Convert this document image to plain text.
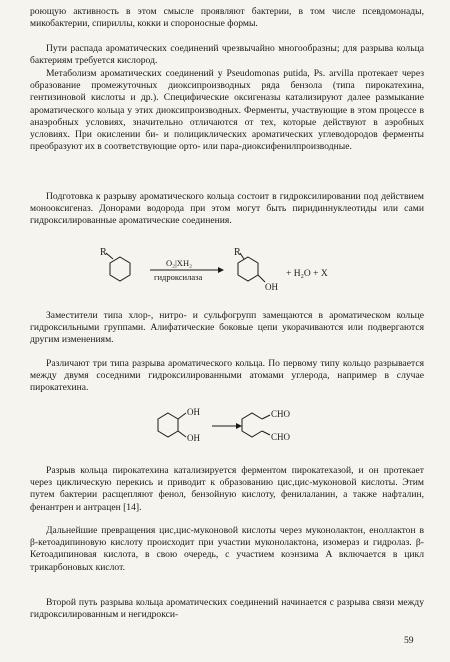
роющую активность в этом смысле проявляют бактерии, в том числе псевдомонады, микобактерии, спириллы, кокки и спороносные формы.

Пути распада ароматических соединений чрезвычайно многообразны; для разрыва кольца бактериям требуется кислород.

Метаболизм ароматических соединений у Pseudomonas putida, Ps. arvilla протекает через образование промежуточных диоксипроизводных ряда бензола (типа пирокатехина, гентизиновой кислоты и др.). Специфические оксигеназы катализируют далее размыкание ароматического кольца у этих диоксипроизводных. Ферменты, участвующие в этом процессе в анаэробных условиях, значительно отличаются от тех, которые действуют в аэробных условиях. При окислении би- и полициклических ароматических углеводородов ферменты преобразуют их в соответствующие орто- или пара-диоксифенилпроизводные.

Подготовка к разрыву ароматического кольца состоит в гидроксилировании под действием монооксигеназ. Донорами водорода при этом могут быть пиридиннуклеотиды или сами гидроксилированные ароматические соединения.

R
O₂|XH₂
гидроксилаза
R
OH
+ H₂O + X

Заместители типа хлор-, нитро- и сульфогрупп замещаются в ароматическом кольце гидроксильными группами. Алифатические боковые цепи укорачиваются или подвергаются другим изменениям.

Различают три типа разрыва ароматического кольца. По первому типу кольцо разрывается между двумя соседними гидроксилированными атомами углерода, например в случае пирокатехина.

OH
OH
CHO
CHO

Разрыв кольца пирокатехина катализируется ферментом пирокатехазой, и он протекает через циклическую перекись и приводит к образованию цис,цис-муконовой кислоты. Этим путем бактерии расщепляют фенол, бензойную кислоту, фенилаланин, а также нафталин, фенантрен и антрацен [14].

Дальнейшие превращения цис,цис-муконовой кислоты через муконолактон, еноллактон в β-кетоадипиновую кислоту происходит при участии муконолактона, изомераз и гидролаз. β-Кетоадипиновая кислота, в свою очередь, с участием коэнзима A включается в цикл трикарбоновых кислот.

Второй путь разрыва кольца ароматических соединений начинается с разрыва связи между гидроксилированным и негидрокси-

59
